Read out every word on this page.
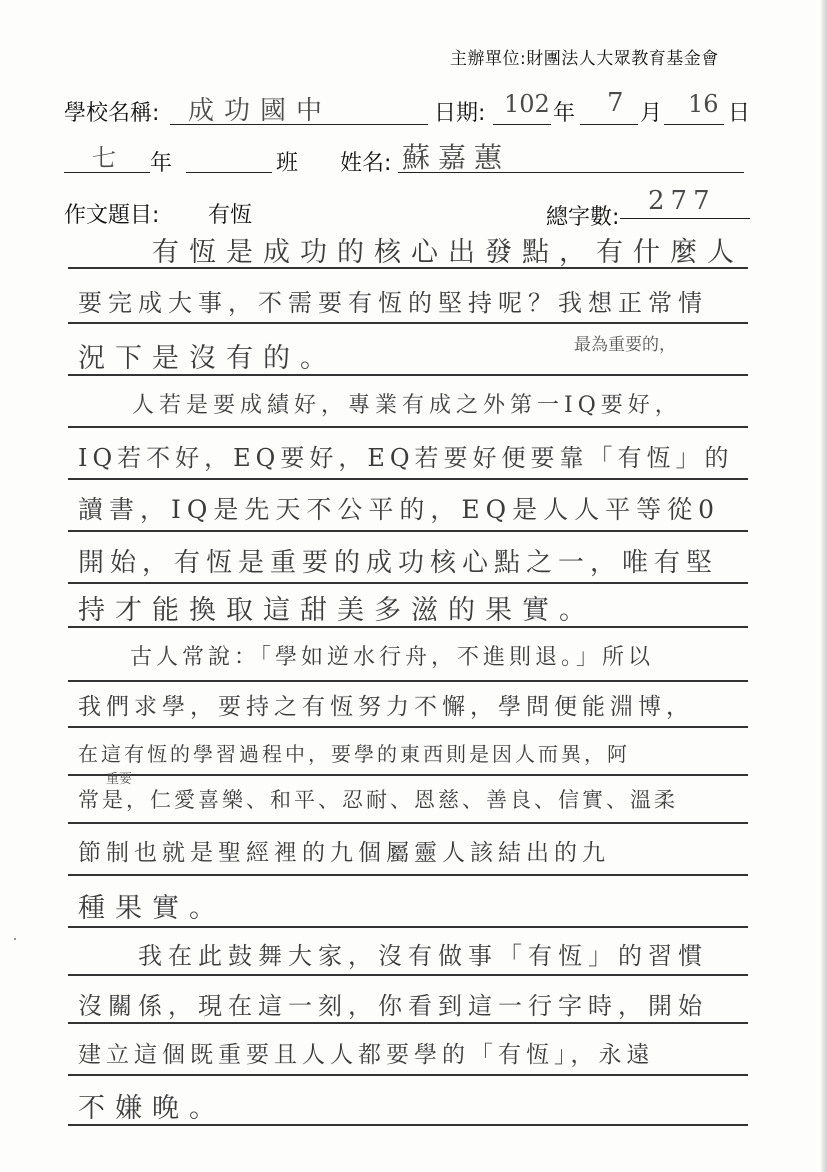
主辦單位:財團法人大眾教育基金會
學校名稱: 成功國中	日期: 102 年 7 月 16 日
七 年	班 姓名: 蘇嘉蕙
作文題目: 有恆	總字數:
277
　　有恆是成功的核心出發點，有什麼人
要完成大事，不需要有恆的堅持呢？我想正常情
況下是沒有的。	最為重要的，
　　人若是要成績好，專業有成之外第一IQ要好，
IQ若不好，EQ要好，EQ若要好便要靠「有恆」的
讀書，IQ是先天不公平的，EQ是人人平等從0
開始，有恆是重要的成功核心點之一，唯有堅
持才能換取這甜美多滋的果實。
　　古人常說：「學如逆水行舟，不進則退。」所以
我們求學，要持之有恆努力不懈，學問便能淵博，
在這有恆的學習過程中，要學的東西則是因人而異，阿
重要
常是，仁愛喜樂、和平、忍耐、恩慈、善良、信實、溫柔
節制也就是聖經裡的九個屬靈人該結出的九
種果實。
　　我在此鼓舞大家，沒有做事「有恆」的習慣
沒關係，現在這一刻，你看到這一行字時，開始
建立這個既重要且人人都要學的「有恆」，永遠
不嫌晚。
